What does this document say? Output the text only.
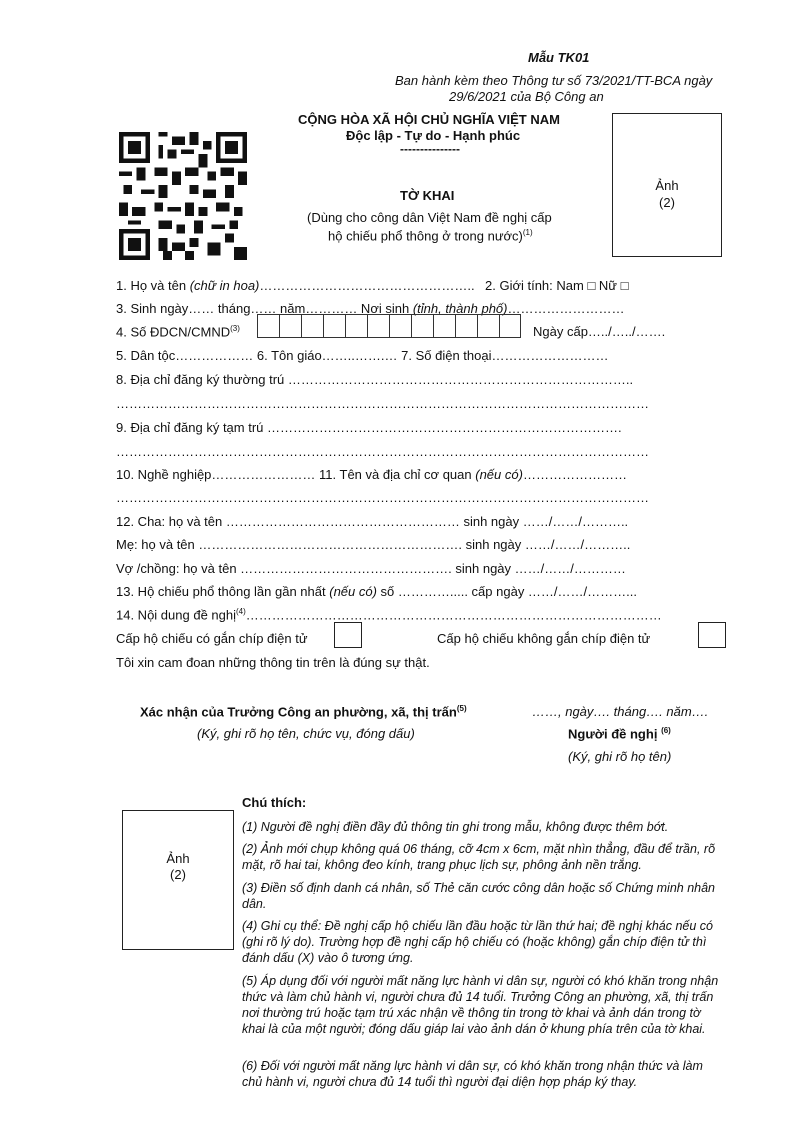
Mẫu TK01
Ban hành kèm theo Thông tư số 73/2021/TT-BCA ngày
29/6/2021 của Bộ Công an
CỘNG HÒA XÃ HỘI CHỦ NGHĨA VIỆT NAM
Độc lập - Tự do - Hạnh phúc
---------------
TỜ KHAI
(Dùng cho công dân Việt Nam đề nghị cấp
hộ chiếu phổ thông ở trong nước)$^{(1)}$
Ảnh
(2)
1. Họ và tên (chữ in hoa)………………………………………….. 2. Giới tính: Nam □ Nữ □
3. Sinh ngày…… tháng…… năm………… Nơi sinh (tỉnh, thành phố)………………………
4. Số ĐDCN/CMND$^{(3)}$	Ngày cấp…../…../…….
5. Dân tộc……………… 6. Tôn giáo……..…….… 7. Số điện thoại………………………
8. Địa chỉ đăng ký thường trú ……………………………………………………………………..
……………………………………………………………………………………………………………
9. Địa chỉ đăng ký tạm trú ……………………………………………………………………….
……………………………………………………………………………………………………………
10. Nghề nghiệp…………………… 11. Tên và địa chỉ cơ quan (nếu có)……………………
……………………………………………………………………………………………………………
12. Cha: họ và tên ……………………………………………… sinh ngày ……/……/………..
Mẹ: họ và tên ……………………………………………………. sinh ngày ……/……/………..
Vợ /chồng: họ và tên …………………………………………. sinh ngày ……/……/…………
13. Hộ chiếu phổ thông lần gần nhất (nếu có) số …………..... cấp ngày ……/……/………...
14. Nội dung đề nghị$^{(4)}$……………………………………………………………………………………
Cấp hộ chiếu có gắn chíp điện tử	Cấp hộ chiếu không gắn chíp điện tử
Tôi xin cam đoan những thông tin trên là đúng sự thật.
Xác nhận của Trưởng Công an phường, xã, thị trấn$^{(5)}$
(Ký, ghi rõ họ tên, chức vụ, đóng dấu)
……, ngày…. tháng…. năm….
Người đề nghị $^{(6)}$
(Ký, ghi rõ họ tên)
Ảnh
(2)
Chú thích:
(1) Người đề nghị điền đầy đủ thông tin ghi trong mẫu, không được thêm bớt.
(2) Ảnh mới chụp không quá 06 tháng, cỡ 4cm x 6cm, mặt nhìn thẳng, đầu để trần, rõ mặt, rõ hai tai, không đeo kính, trang phục lịch sự, phông ảnh nền trắng.
(3) Điền số định danh cá nhân, số Thẻ căn cước công dân hoặc số Chứng minh nhân dân.
(4) Ghi cụ thể: Đề nghị cấp hộ chiếu lần đầu hoặc từ lần thứ hai; đề nghị khác nếu có (ghi rõ lý do). Trường hợp đề nghị cấp hộ chiếu có (hoặc không) gắn chíp điện tử thì đánh dấu (X) vào ô tương ứng.
(5) Áp dụng đối với người mất năng lực hành vi dân sự, người có khó khăn trong nhận thức và làm chủ hành vi, người chưa đủ 14 tuổi. Trưởng Công an phường, xã, thị trấn nơi thường trú hoặc tạm trú xác nhận về thông tin trong tờ khai và ảnh dán trong tờ khai là của một người; đóng dấu giáp lai vào ảnh dán ở khung phía trên của tờ khai.
(6) Đối với người mất năng lực hành vi dân sự, có khó khăn trong nhận thức và làm chủ hành vi, người chưa đủ 14 tuổi thì người đại diện hợp pháp ký thay.
